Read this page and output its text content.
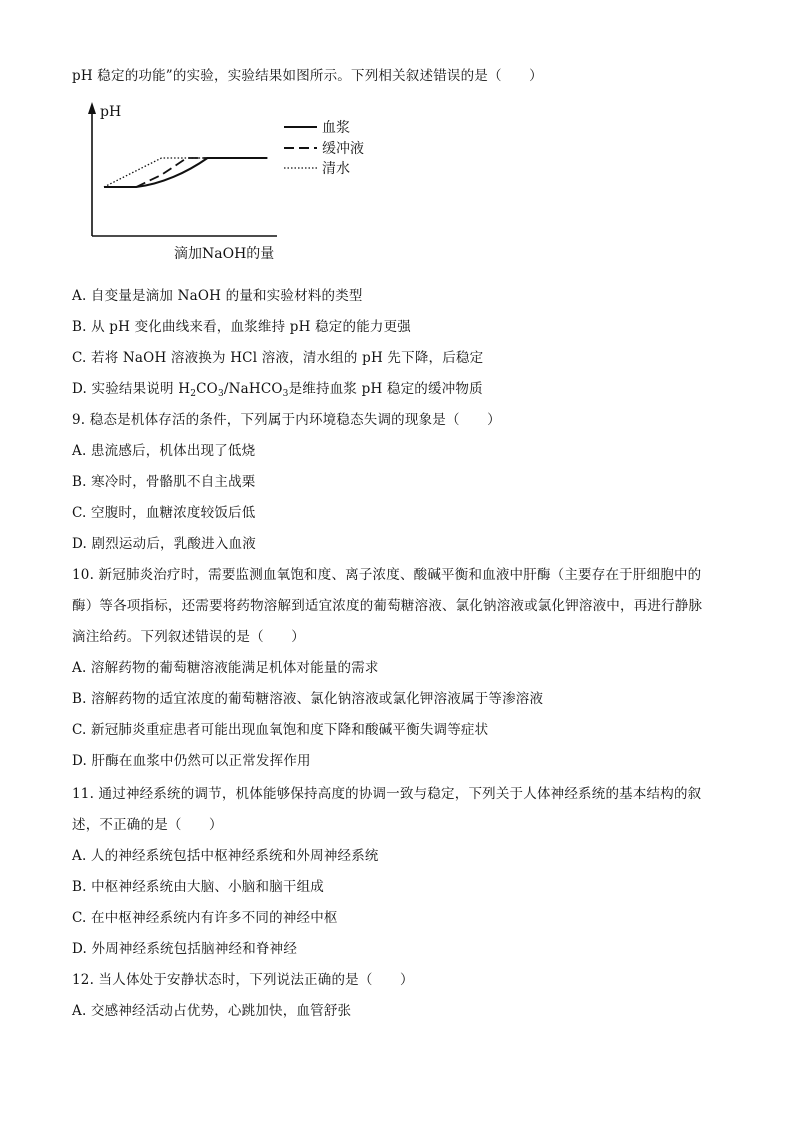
pH 稳定的功能”的实验，实验结果如图所示。下列相关叙述错误的是（　　）
pH
滴加NaOH的量
血浆
缓冲液
清水
A. 自变量是滴加 NaOH 的量和实验材料的类型
B. 从 pH 变化曲线来看，血浆维持 pH 稳定的能力更强
C. 若将 NaOH 溶液换为 HCl 溶液，清水组的 pH 先下降，后稳定
D. 实验结果说明 $H_2CO_3/NaHCO_3$是维持血浆 pH 稳定的缓冲物质
9. 稳态是机体存活的条件，下列属于内环境稳态失调的现象是（　　）
A. 患流感后，机体出现了低烧
B. 寒冷时，骨骼肌不自主战栗
C. 空腹时，血糖浓度较饭后低
D. 剧烈运动后，乳酸进入血液
10. 新冠肺炎治疗时，需要监测血氧饱和度、离子浓度、酸碱平衡和血液中肝酶（主要存在于肝细胞中的
酶）等各项指标，还需要将药物溶解到适宜浓度的葡萄糖溶液、氯化钠溶液或氯化钾溶液中，再进行静脉
滴注给药。下列叙述错误的是（　　）
A. 溶解药物的葡萄糖溶液能满足机体对能量的需求
B. 溶解药物的适宜浓度的葡萄糖溶液、氯化钠溶液或氯化钾溶液属于等渗溶液
C. 新冠肺炎重症患者可能出现血氧饱和度下降和酸碱平衡失调等症状
D. 肝酶在血浆中仍然可以正常发挥作用
11. 通过神经系统的调节，机体能够保持高度的协调一致与稳定，下列关于人体神经系统的基本结构的叙
述，不正确的是（　　）
A. 人的神经系统包括中枢神经系统和外周神经系统
B. 中枢神经系统由大脑、小脑和脑干组成
C. 在中枢神经系统内有许多不同的神经中枢
D. 外周神经系统包括脑神经和脊神经
12. 当人体处于安静状态时，下列说法正确的是（　　）
A. 交感神经活动占优势，心跳加快，血管舒张
